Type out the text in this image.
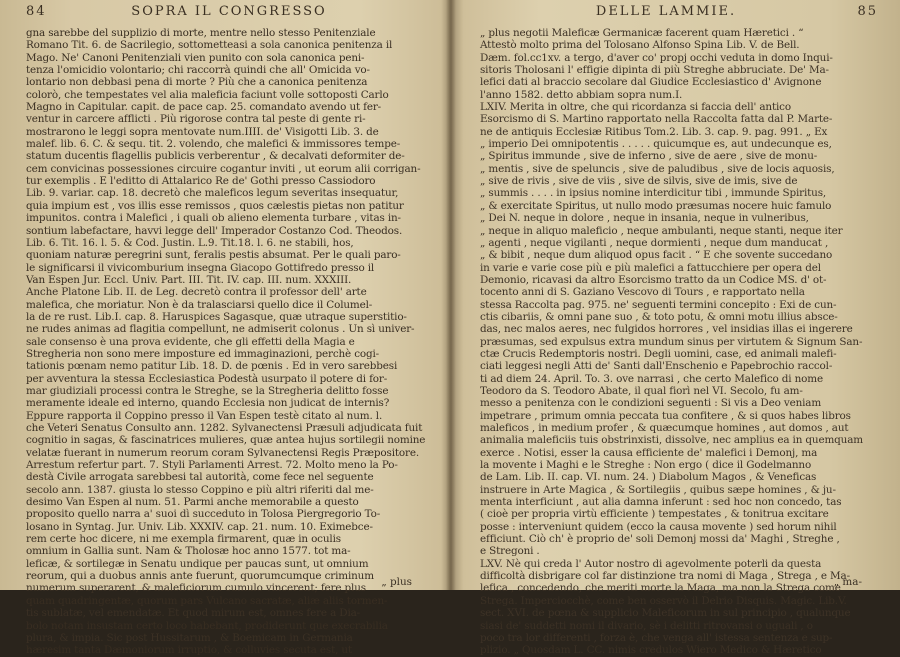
84	SOPRA IL CONGRESSO
gna sarebbe del supplizio di morte, mentre nello stesso Penitenziale
Romano Tit. 6. de Sacrilegio, sottometteasi a sola canonica penitenza il
Mago. Ne' Canoni Penitenziali vien punito con sola canonica peni-
tenza l'omicidio volontario; chi raccorrà quindi che all' Omicida vo-
lontario non debbasi pena di morte ? Più che a canonica penitenza
colorò, che tempestates vel alia maleficia faciunt volle sottoposti Carlo
Magno in Capitular. capit. de pace cap. 25. comandato avendo ut fer-
ventur in carcere afflicti . Più rigorose contra tal peste di gente ri-
mostrarono le leggi sopra mentovate num.IIII. de' Visigotti Lib. 3. de
malef. lib. 6. C. & sequ. tit. 2. volendo, che malefici & immissores tempe-
statum ducentis flagellis publicis verberentur , & decalvati deformiter de-
cem convicinas possessiones circuire cogantur inviti , ut eorum alii corrigan-
tur exemplis . E l'editto di Attalarico Re de' Gothi presso Cassiodoro
Lib. 9. variar. cap. 18. decretò che maleficos legum severitas insequatur,
quia impium est , vos illis esse remissos , quos cælestis pietas non patitur
impunitos. contra i Malefici , i quali ob alieno elementa turbare , vitas in-
sontium labefactare, havvi legge dell' Imperador Costanzo Cod. Theodos.
Lib. 6. Tit. 16. l. 5. & Cod. Justin. L.9. Tit.18. l. 6. ne stabili, hos,
quoniam naturæ peregrini sunt, feralis pestis absumat. Per le quali paro-
le significarsi il vivicomburium insegna Giacopo Gottifredo presso il
Van Espen Jur. Eccl. Univ. Part. III. Tit. IV. cap. III. num. XXXIII.
Anche Platone Lib. II. de Leg. decretò contra il professor dell' arte
malefica, che moriatur. Non è da tralasciarsi quello dice il Columel-
la de re rust. Lib.I. cap. 8. Haruspices Sagasque, quæ utraque superstitio-
ne rudes animas ad flagitia compellunt, ne admiserit colonus . Un sì univer-
sale consenso è una prova evidente, che gli effetti della Magia e
Stregheria non sono mere imposture ed immaginazioni, perchè cogi-
tationis pœnam nemo patitur Lib. 18. D. de pœnis . Ed in vero sarebbesi
per avventura la stessa Ecclesiastica Podestà usurpato il potere di for-
mar giudiziali processi contra le Streghe, se la Stregheria delitto fosse
meramente ideale ed interno, quando Ecclesia non judicat de internis?
Eppure rapporta il Coppino presso il Van Espen testè citato al num. l.
che Veteri Senatus Consulto ann. 1282. Sylvanectensi Præsuli adjudicata fuit
cognitio in sagas, & fascinatrices mulieres, quæ antea hujus sortilegii nomine
velatæ fuerant in numerum reorum coram Sylvanectensi Regis Præpositore.
Arrestum refertur part. 7. Styli Parlamenti Arrest. 72. Molto meno la Po-
destà Civile arrogata sarebbesi tal autorità, come fece nel seguente
secolo ann. 1387. giusta lo stesso Coppino e più altri riferiti dal me-
desimo Van Espen al num. 51. Parmi anche memorabile a questo
proposito quello narra a' suoi dì succeduto in Tolosa Piergregorio To-
losano in Syntag. Jur. Univ. Lib. XXXIV. cap. 21. num. 10. Eximebce-
rem certe hoc dicere, ni me exempla firmarent, quæ in oculis
omnium in Gallia sunt. Nam & Tholosæ hoc anno 1577. tot ma-
leficæ, & sortilegæ in Senatu undique per paucas sunt, ut omnium
reorum, qui a duobus annis ante fuerunt, quorumcumque criminum
numerum superarent, & maleficiorum cumulo vincerent; fere plus
quam quadringentæ, quorum pars Vulcano sacratæ, aliæ aliis tormen-
tis sublatæ, vel emendatæ. Et quod mirum est, omnes fere a Dia-
bolo notam insustam certo loco habebant, prodiderunt que execrabilia
plura, & impia. Sic post Hussitarum , & Boemicam in Germania
hæresim tanta Dæmoniorum irruptio, & colluvies secuta est, ut
„ plus
DELLE LAMMIE.	85
„ plus negotii Maleficæ Germanicæ facerent quam Hæretici . “
Attestò molto prima del Tolosano Alfonso Spina Lib. V. de Bell.
Dæm. fol.cc1xv. a tergo, d'aver co' propj occhi veduta in domo Inqui-
sitoris Tholosani l' effigie dipinta di più Streghe abbruciate. De' Ma-
lefici dati al braccio secolare dal Giudice Ecclesiastico d' Avignone
l'anno 1582. detto abbiam sopra num.I.
LXIV. Merita in oltre, che qui ricordanza si faccia dell' antico
Esorcismo di S. Martino rapportato nella Raccolta fatta dal P. Marte-
ne de antiquis Ecclesiæ Ritibus Tom.2. Lib. 3. cap. 9. pag. 991. „ Ex
„ imperio Dei omnipotentis . . . . . quicumque es, aut undecunque es,
„ Spiritus immunde , sive de inferno , sive de aere , sive de monu-
„ mentis , sive de speluncis , sive de paludibus , sive de locis aquosis,
„ sive de rivis , sive de viis , sive de silvis, sive de imis, sive de
„ summis . . . . in ipsius nomine interdicitur tibi , immunde Spiritus,
„ & exercitate Spiritus, ut nullo modo præsumas nocere huic famulo
„ Dei N. neque in dolore , neque in insania, neque in vulneribus,
„ neque in aliquo maleficio , neque ambulanti, neque stanti, neque iter
„ agenti , neque vigilanti , neque dormienti , neque dum manducat ,
„ & bibit , neque dum aliquod opus facit . “ E che sovente succedano
in varie e varie cose più e più malefici a fattucchiere per opera del
Demonio, ricavasi da altro Esorcismo tratto da un Codice MS. d' ot-
tocento anni di S. Gaziano Vescovo di Tours , e rapportato nella
stessa Raccolta pag. 975. ne' seguenti termini concepito : Exi de cun-
ctis cibariis, & omni pane suo , & toto potu, & omni motu illius absce-
das, nec malos aeres, nec fulgidos horrores , vel insidias illas ei ingerere
præsumas, sed expulsus extra mundum sinus per virtutem & Signum San-
ctæ Crucis Redemptoris nostri. Degli uomini, case, ed animali malefi-
ciati leggesi negli Atti de' Santi dall'Enschenio e Papebrochio raccol-
ti ad diem 24. April. To. 3. ove narrasi , che certo Malefico di nome
Teodoro da S. Teodoro Abate, il qual fiorì nel VI. Secolo, fu am-
messo a penitenza con le condizioni seguenti : Si vis a Deo veniam
impetrare , primum omnia peccata tua confitere , & si quos habes libros
maleficos , in medium profer , & quæcumque homines , aut domos , aut
animalia maleficiis tuis obstrinxisti, dissolve, nec amplius ea in quemquam
exerce . Notisi, esser la causa efficiente de' malefici i Demonj, ma
la movente i Maghi e le Streghe : Non ergo ( dice il Godelmanno
de Lam. Lib. II. cap. VI. num. 24. ) Diabolum Magos , & Veneficas
instruere in Arte Magica , & Sortilegiis , quibus sæpe homines , & ju-
menta interficiunt , aut alia damna inferunt : sed hoc non concedo, tas
( cioè per propria virtù efficiente ) tempestates , & tonitrua excitare
posse : interveniunt quidem (ecco la causa movente ) sed horum nihil
efficiunt. Ciò ch' è proprio de' soli Demonj mossi da' Maghi , Streghe ,
e Stregoni .
LXV. Nè qui creda l' Autor nostro di agevolmente poterli da questa
difficoltà disbrigare col far distinzione tra nomi di Maga , Strega , e Ma-
lefica , concedendo, che meriti morte la Maga, ma non la Strega come
Strega. Imperciocchè, come ben osservò il Delrio Disquis. Magic. Lib.V.
sect. XVI. de pœna & supplicio Maleficorum in sul principio , qualunque
siasi de' suddetti nomi il divario, sè i delitti ritrovansi o uguali , o
poco tra lor differenti , forza è, che venga all' istessa sentenza e sup-
plizio. „ Quosdam L. CC. nimis credulos Wiero Medico & Hæretico
„ ma-
